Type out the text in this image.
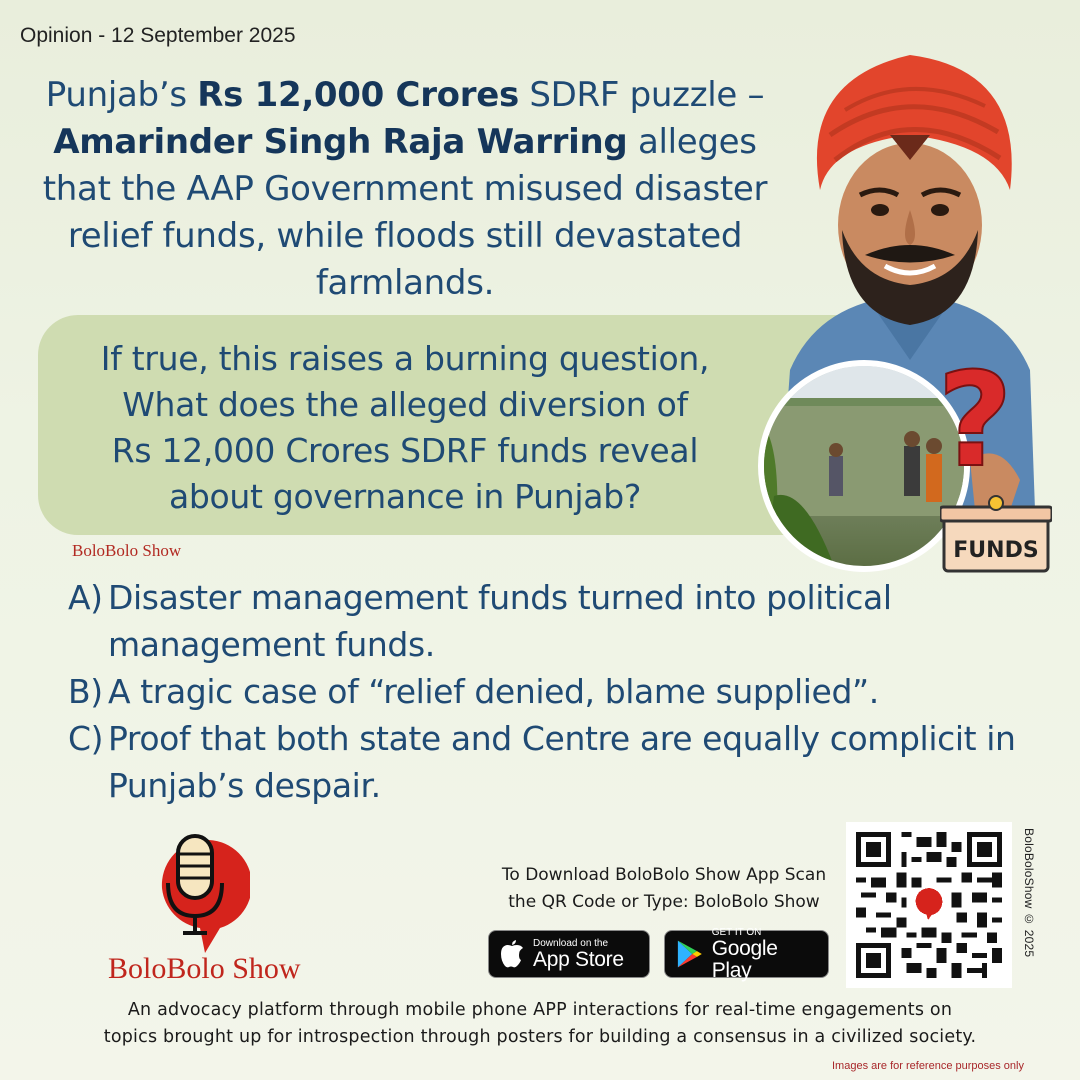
Opinion - 12 September 2025
Punjab’s Rs 12,000 Crores SDRF puzzle – Amarinder Singh Raja Warring alleges that the AAP Government misused disaster relief funds, while floods still devastated farmlands.
If true, this raises a burning question,
What does the alleged diversion of
Rs 12,000 Crores SDRF funds reveal
about governance in Punjab?
?
FUNDS
BoloBolo Show
A) Disaster management funds turned into political management funds.
B) A tragic case of “relief denied, blame supplied”.
C) Proof that both state and Centre are equally complicit in Punjab’s despair.
BoloBolo Show
To Download BoloBolo Show App Scan
the QR Code or Type: BoloBolo Show
Download on the
App Store
GET IT ON
Google Play
BoloBoloShow © 2025
An advocacy platform through mobile phone APP interactions for real-time engagements on
topics brought up for introspection through posters for building a consensus in a civilized society.
Images are for reference purposes only
